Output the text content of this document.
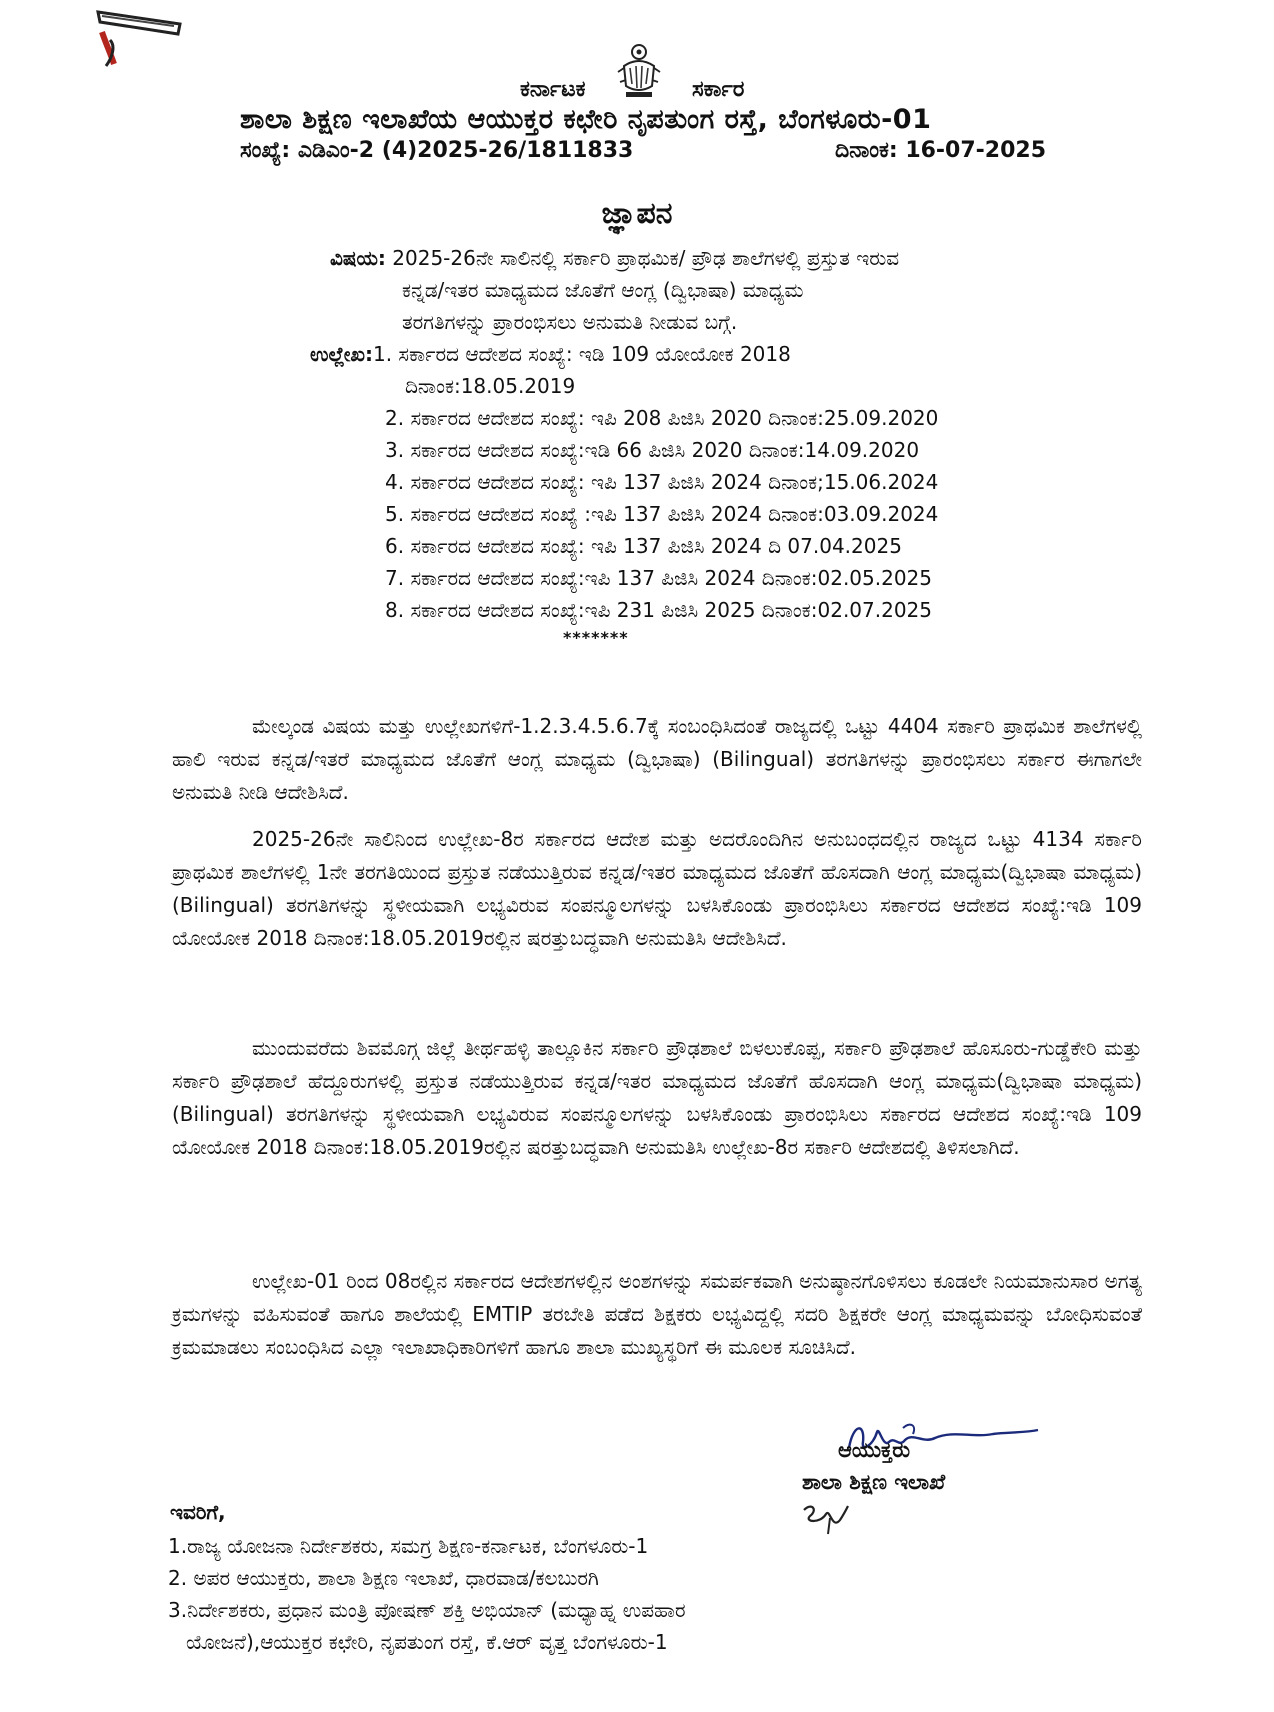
ಕರ್ನಾಟಕ	ಸರ್ಕಾರ
ಶಾಲಾ ಶಿಕ್ಷಣ ಇಲಾಖೆಯ ಆಯುಕ್ತರ ಕಛೇರಿ ನೃಪತುಂಗ ರಸ್ತೆ, ಬೆಂಗಳೂರು-01
ಸಂಖ್ಯೆ: ಎಡಿಎಂ-2 (4)2025-26/1811833	ದಿನಾಂಕ: 16-07-2025
ಜ್ಞಾಪನ
ವಿಷಯ: 2025-26ನೇ ಸಾಲಿನಲ್ಲಿ ಸರ್ಕಾರಿ ಪ್ರಾಥಮಿಕ/ ಪ್ರೌಢ ಶಾಲೆಗಳಲ್ಲಿ ಪ್ರಸ್ತುತ ಇರುವ
ಕನ್ನಡ/ಇತರ ಮಾಧ್ಯಮದ ಜೊತೆಗೆ ಆಂಗ್ಲ (ದ್ವಿಭಾಷಾ) ಮಾಧ್ಯಮ
ತರಗತಿಗಳನ್ನು ಪ್ರಾರಂಭಿಸಲು ಅನುಮತಿ ನೀಡುವ ಬಗ್ಗೆ.
ಉಲ್ಲೇಖ:1. ಸರ್ಕಾರದ ಆದೇಶದ ಸಂಖ್ಯೆ: ಇಡಿ 109 ಯೋಯೋಕ 2018
ದಿನಾಂಕ:18.05.2019
2. ಸರ್ಕಾರದ ಆದೇಶದ ಸಂಖ್ಯೆ: ಇಪಿ 208 ಪಿಜಿಸಿ 2020 ದಿನಾಂಕ:25.09.2020
3. ಸರ್ಕಾರದ ಆದೇಶದ ಸಂಖ್ಯೆ:ಇಡಿ 66 ಪಿಜಿಸಿ 2020 ದಿನಾಂಕ:14.09.2020
4. ಸರ್ಕಾರದ ಆದೇಶದ ಸಂಖ್ಯೆ: ಇಪಿ 137 ಪಿಜಿಸಿ 2024 ದಿನಾಂಕ;15.06.2024
5. ಸರ್ಕಾರದ ಆದೇಶದ ಸಂಖ್ಯೆ :ಇಪಿ 137 ಪಿಜಿಸಿ 2024 ದಿನಾಂಕ:03.09.2024
6. ಸರ್ಕಾರದ ಆದೇಶದ ಸಂಖ್ಯೆ: ಇಪಿ 137 ಪಿಜಿಸಿ 2024 ದಿ 07.04.2025
7. ಸರ್ಕಾರದ ಆದೇಶದ ಸಂಖ್ಯೆ:ಇಪಿ 137 ಪಿಜಿಸಿ 2024 ದಿನಾಂಕ:02.05.2025
8. ಸರ್ಕಾರದ ಆದೇಶದ ಸಂಖ್ಯೆ:ಇಪಿ 231 ಪಿಜಿಸಿ 2025 ದಿನಾಂಕ:02.07.2025
*******

ಮೇಲ್ಕಂಡ ವಿಷಯ ಮತ್ತು ಉಲ್ಲೇಖಗಳಿಗೆ-1.2.3.4.5.6.7ಕ್ಕೆ ಸಂಬಂಧಿಸಿದಂತೆ ರಾಜ್ಯದಲ್ಲಿ ಒಟ್ಟು 4404 ಸರ್ಕಾರಿ ಪ್ರಾಥಮಿಕ ಶಾಲೆಗಳಲ್ಲಿ ಹಾಲಿ ಇರುವ ಕನ್ನಡ/ಇತರೆ ಮಾಧ್ಯಮದ ಜೊತೆಗೆ ಆಂಗ್ಲ ಮಾಧ್ಯಮ (ದ್ವಿಭಾಷಾ) (Bilingual) ತರಗತಿಗಳನ್ನು ಪ್ರಾರಂಭಿಸಲು ಸರ್ಕಾರ ಈಗಾಗಲೇ ಅನುಮತಿ ನೀಡಿ ಆದೇಶಿಸಿದೆ.

2025-26ನೇ ಸಾಲಿನಿಂದ ಉಲ್ಲೇಖ-8ರ ಸರ್ಕಾರದ ಆದೇಶ ಮತ್ತು ಅದರೊಂದಿಗಿನ ಅನುಬಂಧದಲ್ಲಿನ ರಾಜ್ಯದ ಒಟ್ಟು 4134 ಸರ್ಕಾರಿ ಪ್ರಾಥಮಿಕ ಶಾಲೆಗಳಲ್ಲಿ 1ನೇ ತರಗತಿಯಿಂದ ಪ್ರಸ್ತುತ ನಡೆಯುತ್ತಿರುವ ಕನ್ನಡ/ಇತರ ಮಾಧ್ಯಮದ ಜೊತೆಗೆ ಹೊಸದಾಗಿ ಆಂಗ್ಲ ಮಾಧ್ಯಮ(ದ್ವಿಭಾಷಾ ಮಾಧ್ಯಮ) (Bilingual) ತರಗತಿಗಳನ್ನು ಸ್ಥಳೀಯವಾಗಿ ಲಭ್ಯವಿರುವ ಸಂಪನ್ಮೂಲಗಳನ್ನು ಬಳಸಿಕೊಂಡು ಪ್ರಾರಂಭಿಸಿಲು ಸರ್ಕಾರದ ಆದೇಶದ ಸಂಖ್ಯೆ:ಇಡಿ 109 ಯೋಯೋಕ 2018 ದಿನಾಂಕ:18.05.2019ರಲ್ಲಿನ ಷರತ್ತುಬದ್ಧವಾಗಿ ಅನುಮತಿಸಿ ಆದೇಶಿಸಿದೆ.

ಮುಂದುವರೆದು ಶಿವಮೊಗ್ಗ ಜಿಲ್ಲೆ ತೀರ್ಥಹಳ್ಳಿ ತಾಲ್ಲೂಕಿನ ಸರ್ಕಾರಿ ಪ್ರೌಢಶಾಲೆ ಬಿಳಲುಕೊಪ್ಪ, ಸರ್ಕಾರಿ ಪ್ರೌಢಶಾಲೆ ಹೊಸೂರು-ಗುಡ್ಡೆಕೇರಿ ಮತ್ತು ಸರ್ಕಾರಿ ಪ್ರೌಢಶಾಲೆ ಹೆದ್ದೂರುಗಳಲ್ಲಿ ಪ್ರಸ್ತುತ ನಡೆಯುತ್ತಿರುವ ಕನ್ನಡ/ಇತರ ಮಾಧ್ಯಮದ ಜೊತೆಗೆ ಹೊಸದಾಗಿ ಆಂಗ್ಲ ಮಾಧ್ಯಮ(ದ್ವಿಭಾಷಾ ಮಾಧ್ಯಮ) (Bilingual) ತರಗತಿಗಳನ್ನು ಸ್ಥಳೀಯವಾಗಿ ಲಭ್ಯವಿರುವ ಸಂಪನ್ಮೂಲಗಳನ್ನು ಬಳಸಿಕೊಂಡು ಪ್ರಾರಂಭಿಸಿಲು ಸರ್ಕಾರದ ಆದೇಶದ ಸಂಖ್ಯೆ:ಇಡಿ 109 ಯೋಯೋಕ 2018 ದಿನಾಂಕ:18.05.2019ರಲ್ಲಿನ ಷರತ್ತುಬದ್ಧವಾಗಿ ಅನುಮತಿಸಿ ಉಲ್ಲೇಖ-8ರ ಸರ್ಕಾರಿ ಆದೇಶದಲ್ಲಿ ತಿಳಿಸಲಾಗಿದೆ.

ಉಲ್ಲೇಖ-01 ರಿಂದ 08ರಲ್ಲಿನ ಸರ್ಕಾರದ ಆದೇಶಗಳಲ್ಲಿನ ಅಂಶಗಳನ್ನು ಸಮರ್ಪಕವಾಗಿ ಅನುಷ್ಠಾನಗೊಳಿಸಲು ಕೂಡಲೇ ನಿಯಮಾನುಸಾರ ಅಗತ್ಯ ಕ್ರಮಗಳನ್ನು ವಹಿಸುವಂತೆ ಹಾಗೂ ಶಾಲೆಯಲ್ಲಿ EMTIP ತರಬೇತಿ ಪಡೆದ ಶಿಕ್ಷಕರು ಲಭ್ಯವಿದ್ದಲ್ಲಿ ಸದರಿ ಶಿಕ್ಷಕರೇ ಆಂಗ್ಲ ಮಾಧ್ಯಮವನ್ನು ಬೋಧಿಸುವಂತೆ ಕ್ರಮಮಾಡಲು ಸಂಬಂಧಿಸಿದ ಎಲ್ಲಾ ಇಲಾಖಾಧಿಕಾರಿಗಳಿಗೆ ಹಾಗೂ ಶಾಲಾ ಮುಖ್ಯಸ್ಥರಿಗೆ ಈ ಮೂಲಕ ಸೂಚಿಸಿದೆ.

ಆಯುಕ್ತರು
ಶಾಲಾ ಶಿಕ್ಷಣ ಇಲಾಖೆ
ಇವರಿಗೆ,
1.ರಾಜ್ಯ ಯೋಜನಾ ನಿರ್ದೇಶಕರು, ಸಮಗ್ರ ಶಿಕ್ಷಣ-ಕರ್ನಾಟಕ, ಬೆಂಗಳೂರು-1
2. ಅಪರ ಆಯುಕ್ತರು, ಶಾಲಾ ಶಿಕ್ಷಣ ಇಲಾಖೆ, ಧಾರವಾಡ/ಕಲಬುರಗಿ
3.ನಿರ್ದೇಶಕರು, ಪ್ರಧಾನ ಮಂತ್ರಿ ಪೋಷಣ್ ಶಕ್ತಿ ಅಭಿಯಾನ್ (ಮಧ್ಯಾಹ್ನ ಉಪಹಾರ
ಯೋಜನೆ),ಆಯುಕ್ತರ ಕಛೇರಿ, ನೃಪತುಂಗ ರಸ್ತೆ, ಕೆ.ಆರ್ ವೃತ್ತ ಬೆಂಗಳೂರು-1
